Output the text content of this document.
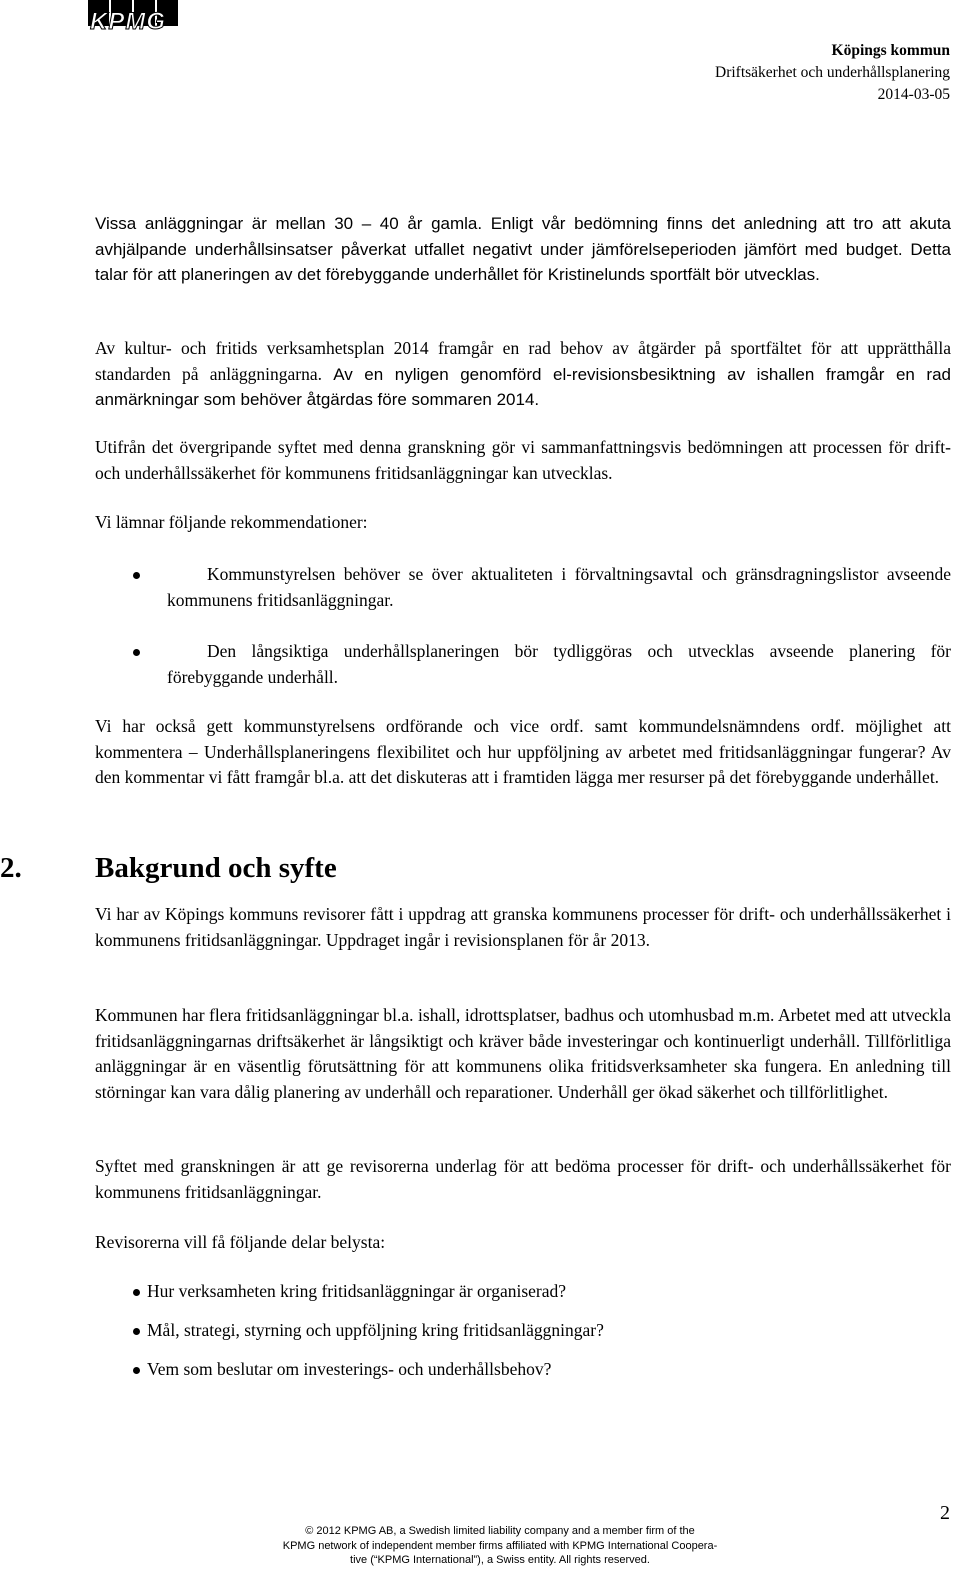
KPMG
Köpings kommun
Driftsäkerhet och underhållsplanering
2014-03-05

Vissa anläggningar är mellan 30 – 40 år gamla. Enligt vår bedömning finns det anledning att tro att akuta avhjälpande underhållsinsatser påverkat utfallet negativt under jämförelseperioden jämfört med budget. Detta talar för att planeringen av det förebyggande underhållet för Kristinelunds sportfält bör utvecklas.

Av kultur- och fritids verksamhetsplan 2014 framgår en rad behov av åtgärder på sportfältet för att upprätthålla standarden på anläggningarna. Av en nyligen genomförd el-revisionsbesiktning av ishallen framgår en rad anmärkningar som behöver åtgärdas före sommaren 2014.

Utifrån det övergripande syftet med denna granskning gör vi sammanfattningsvis bedömningen att processen för drift- och underhållssäkerhet för kommunens fritidsanläggningar kan utvecklas.

Vi lämnar följande rekommendationer:

Kommunstyrelsen behöver se över aktualiteten i förvaltningsavtal och gränsdragningslistor avseende kommunens fritidsanläggningar.
Den långsiktiga underhållsplaneringen bör tydliggöras och utvecklas avseende planering för förebyggande underhåll.

Vi har också gett kommunstyrelsens ordförande och vice ordf. samt kommundelsnämndens ordf. möjlighet att kommentera – Underhållsplaneringens flexibilitet och hur uppföljning av arbetet med fritidsanläggningar fungerar? Av den kommentar vi fått framgår bl.a. att det diskuteras att i framtiden lägga mer resurser på det förebyggande underhållet.

2.	Bakgrund och syfte

Vi har av Köpings kommuns revisorer fått i uppdrag att granska kommunens processer för drift- och underhållssäkerhet i kommunens fritidsanläggningar. Uppdraget ingår i revisionsplanen för år 2013.

Kommunen har flera fritidsanläggningar bl.a. ishall, idrottsplatser, badhus och utomhusbad m.m. Arbetet med att utveckla fritidsanläggningarnas driftsäkerhet är långsiktigt och kräver både investeringar och kontinuerligt underhåll. Tillförlitliga anläggningar är en väsentlig förutsättning för att kommunens olika fritidsverksamheter ska fungera. En anledning till störningar kan vara dålig planering av underhåll och reparationer. Underhåll ger ökad säkerhet och tillförlitlighet.

Syftet med granskningen är att ge revisorerna underlag för att bedöma processer för drift- och underhållssäkerhet för kommunens fritidsanläggningar.

Revisorerna vill få följande delar belysta:

Hur verksamheten kring fritidsanläggningar är organiserad?
Mål, strategi, styrning och uppföljning kring fritidsanläggningar?
Vem som beslutar om investerings- och underhållsbehov?
2
© 2012 KPMG AB, a Swedish limited liability company and a member firm of the
KPMG network of independent member firms affiliated with KPMG International Coopera-
tive (“KPMG International”), a Swiss entity. All rights reserved.
